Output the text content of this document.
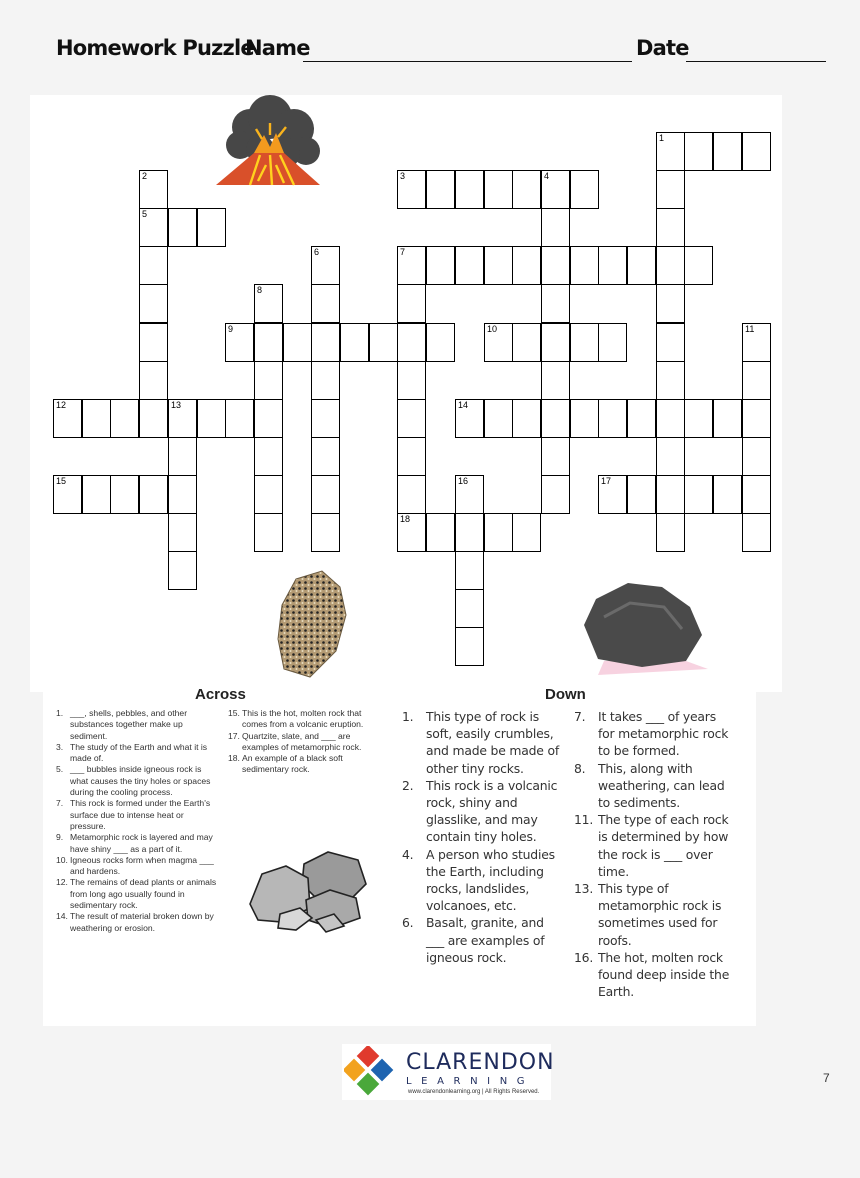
Homework Puzzle
Name	Date
1
3	4
5
7
9	10
12	13	14
15	17
18
2
6
8
11
16
Across	Down
1. ___, shells, pebbles, and other substances together make up sediment.
3. The study of the Earth and what it is made of.
5. ___ bubbles inside igneous rock is what causes the tiny holes or spaces during the cooling process.
7. This rock is formed under the Earth's surface due to intense heat or pressure.
9. Metamorphic rock is layered and may have shiny ___ as a part of it.
10. Igneous rocks form when magma ___ and hardens.
12. The remains of dead plants or animals from long ago usually found in sedimentary rock.
14. The result of material broken down by weathering or erosion.
15. This is the hot, molten rock that comes from a volcanic eruption.
17. Quartzite, slate, and ___ are examples of metamorphic rock.
18. An example of a black soft sedimentary rock.
1. This type of rock is soft, easily crumbles, and made be made of other tiny rocks.
2. This rock is a volcanic rock, shiny and glasslike, and may contain tiny holes.
4. A person who studies the Earth, including rocks, landslides, volcanoes, etc.
6. Basalt, granite, and ___ are examples of igneous rock.
7. It takes ___ of years for metamorphic rock to be formed.
8. This, along with weathering, can lead to sediments.
11. The type of each rock is determined by how the rock is ___ over time.
13. This type of metamorphic rock is sometimes used for roofs.
16. The hot, molten rock found deep inside the Earth.
CLARENDON
LEARNING
www.clarendonlearning.org | All Rights Reserved.
7
